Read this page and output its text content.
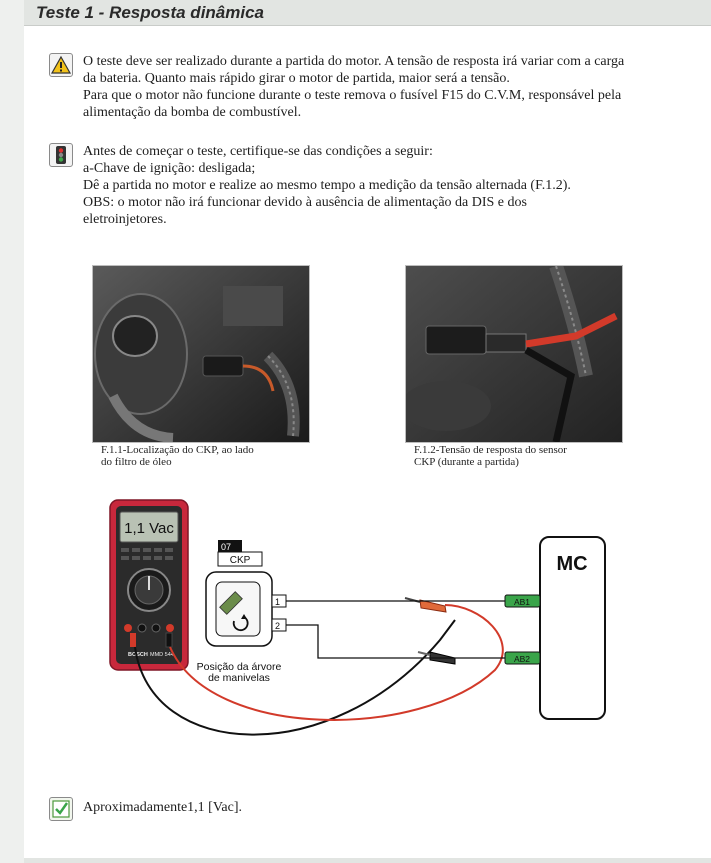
Teste 1 - Resposta dinâmica
O teste deve ser realizado durante a partida do motor. A tensão de resposta irá variar com a carga
da bateria. Quanto mais rápido girar o motor de partida, maior será a tensão.
Para que o motor não funcione durante o teste remova o fusível F15 do C.V.M, responsável pela
alimentação da bomba de combustível.
Antes de começar o teste, certifique-se das condições a seguir:
a-Chave de ignição: desligada;
Dê a partida no motor e realize ao mesmo tempo a medição da tensão alternada (F.1.2).
OBS: o motor não irá funcionar devido à ausência de alimentação da DIS e dos
eletroinjetores.
F.1.1-Localização do CKP, ao lado
do filtro de óleo
F.1.2-Tensão de resposta do sensor
CKP (durante a partida)
1,1 Vac
BOSCH MMD 544
07
CKP
1
2
Posição da árvore
de manivelas
MC
AB1
AB2
Aproximadamente1,1 [Vac].
